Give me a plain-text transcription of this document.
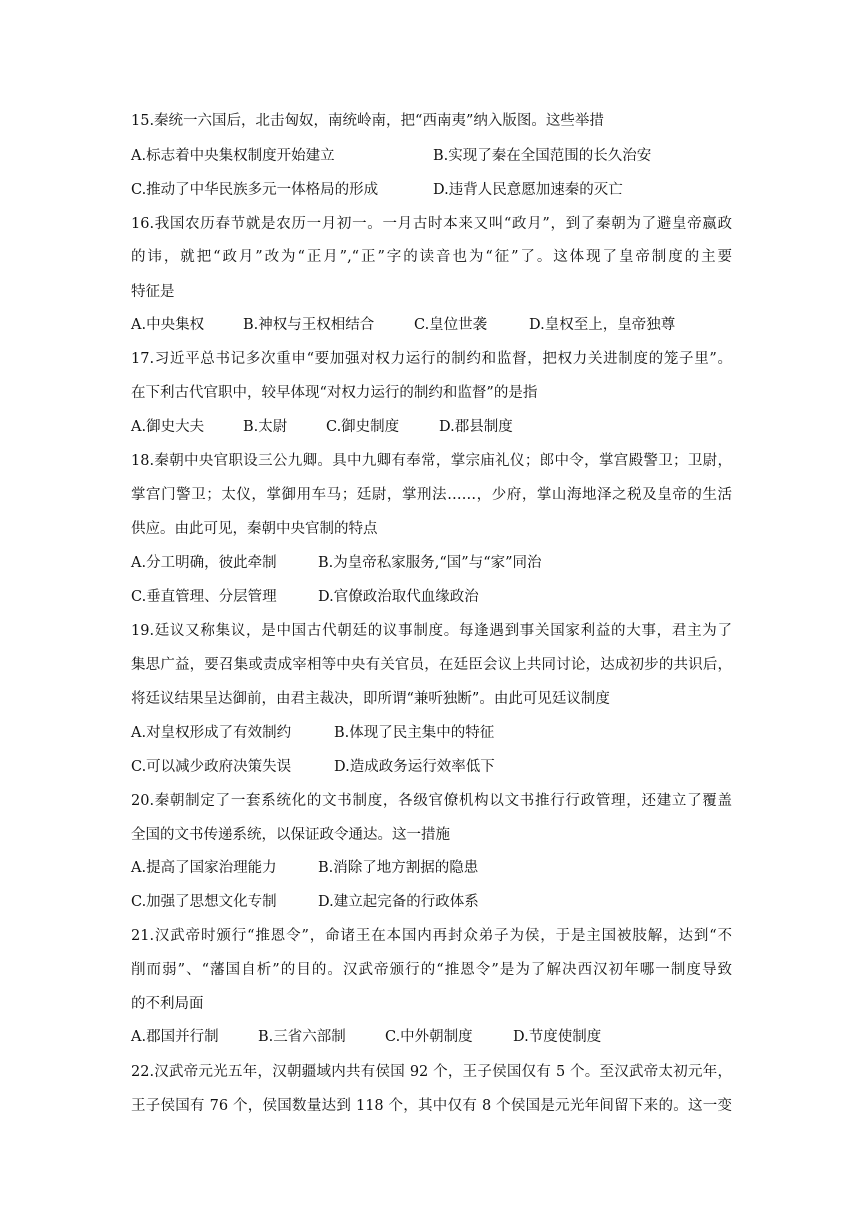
15.秦统一六国后，北击匈奴，南统岭南，把“西南夷”纳入版图。这些举措
A.标志着中央集权制度开始建立	B.实现了秦在全国范围的长久治安
C.推动了中华民族多元一体格局的形成	D.违背人民意愿加速秦的灭亡
16.我国农历春节就是农历一月初一。一月古时本来又叫“政月”，到了秦朝为了避皇帝嬴政
的讳，就把“政月”改为“正月”,“正”字的读音也为“征”了。这体现了皇帝制度的主要
特征是
A.中央集权	B.神权与王权相结合	C.皇位世袭	D.皇权至上，皇帝独尊
17.习近平总书记多次重申“要加强对权力运行的制约和监督，把权力关进制度的笼子里”。
在下利古代官职中，较早体现“对权力运行的制约和监督”的是指
A.御史大夫	B.太尉	C.御史制度	D.郡县制度
18.秦朝中央官职设三公九卿。具中九卿有奉常，掌宗庙礼仪；郎中令，掌宫殿警卫；卫尉，
掌宫门警卫；太仪，掌御用车马；廷尉，掌刑法……，少府，掌山海地泽之税及皇帝的生活
供应。由此可见，秦朝中央官制的特点
A.分工明确，彼此牵制	B.为皇帝私家服务,“国”与“家”同治
C.垂直管理、分层管理	D.官僚政治取代血缘政治
19.廷议又称集议，是中国古代朝廷的议事制度。每逢遇到事关国家利益的大事，君主为了
集思广益，要召集或责成宰相等中央有关官员，在廷臣会议上共同讨论，达成初步的共识后，
将廷议结果呈达御前，由君主裁决，即所谓“兼听独断”。由此可见廷议制度
A.对皇权形成了有效制约	B.体现了民主集中的特征
C.可以减少政府决策失误	D.造成政务运行效率低下
20.秦朝制定了一套系统化的文书制度，各级官僚机构以文书推行行政管理，还建立了覆盖
全国的文书传递系统，以保证政令通达。这一措施
A.提高了国家治理能力	B.消除了地方割据的隐患
C.加强了思想文化专制	D.建立起完备的行政体系
21.汉武帝时颁行“推恩令”，命诸王在本国内再封众弟子为侯，于是主国被肢解，达到“不
削而弱”、“藩国自析”的目的。汉武帝颁行的“推恩令”是为了解决西汉初年哪一制度导致
的不利局面
A.郡国并行制	B.三省六部制	C.中外朝制度	D.节度使制度
22.汉武帝元光五年，汉朝疆域内共有侯国 92 个，王子侯国仅有 5 个。至汉武帝太初元年，
王子侯国有 76 个，侯国数量达到 118 个，其中仅有 8 个侯国是元光年间留下来的。这一变
